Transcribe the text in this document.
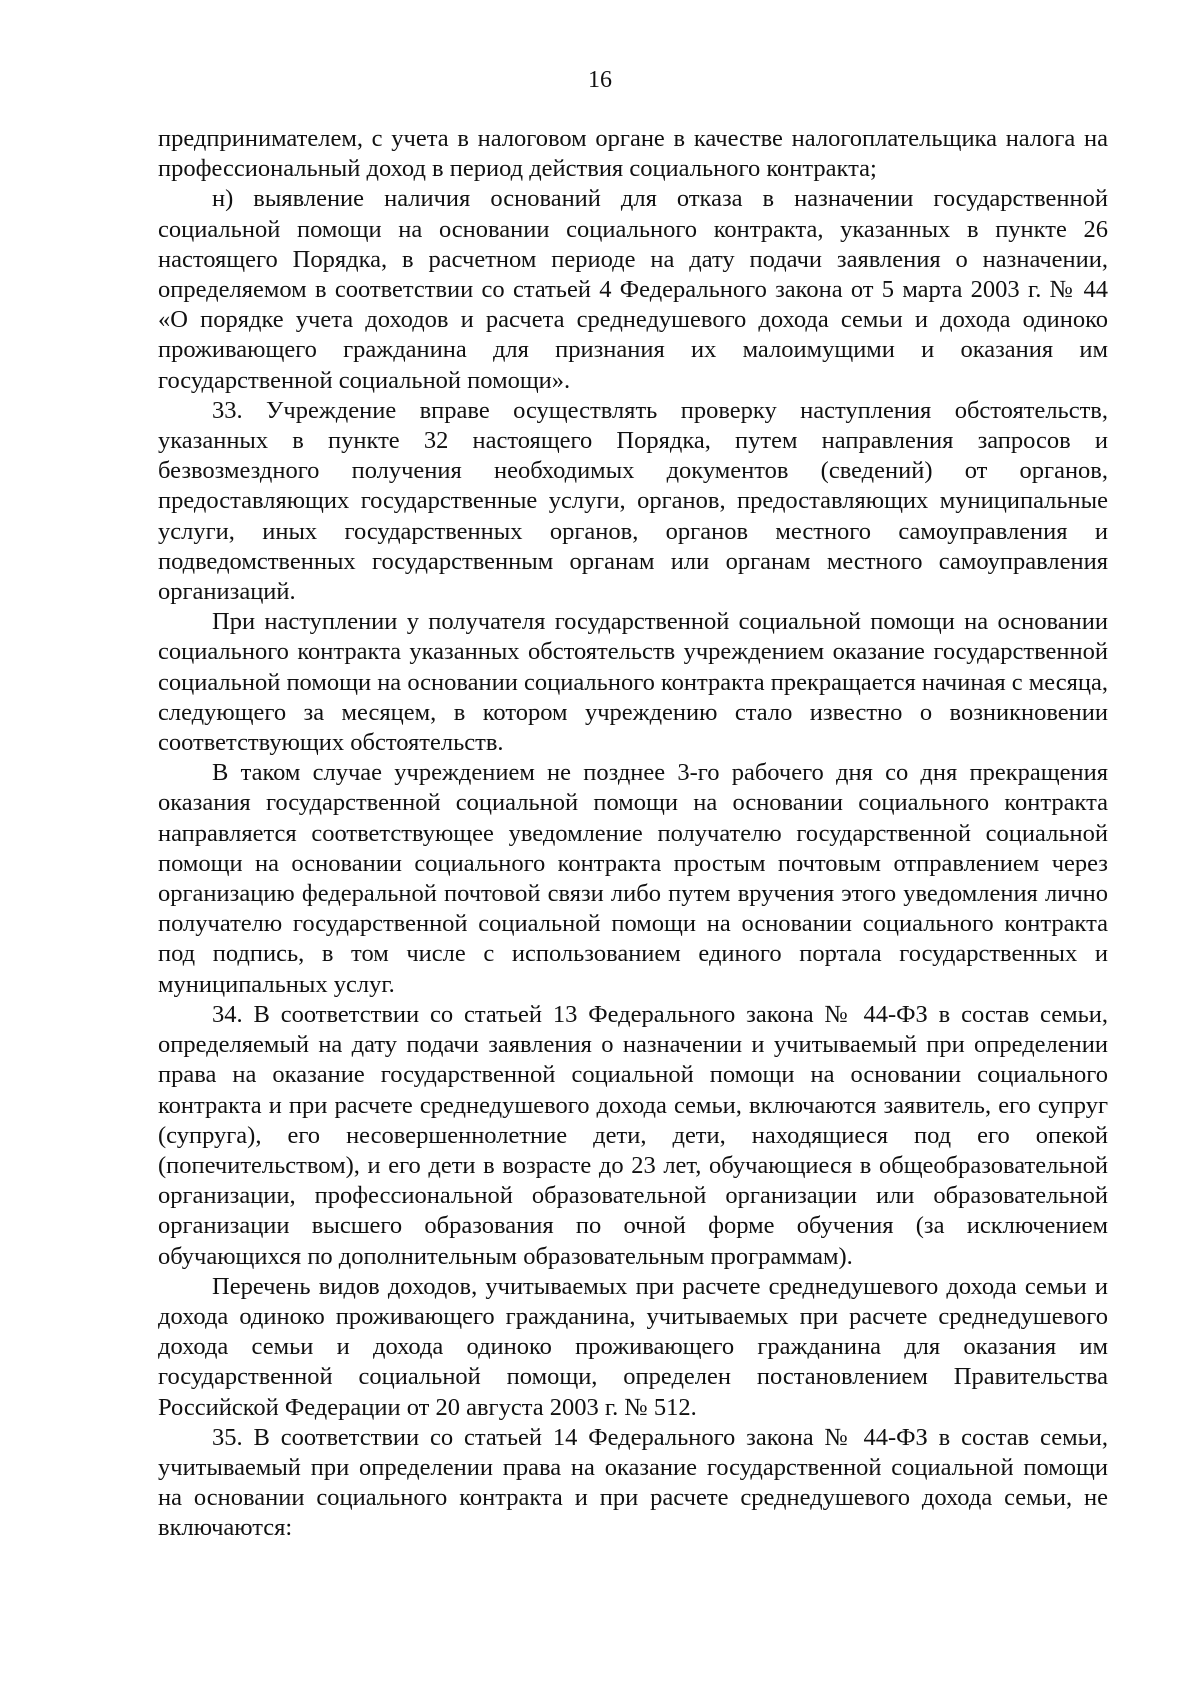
16

предпринимателем, с учета в налоговом органе в качестве налогоплательщика налога на профессиональный доход в период действия социального контракта;

н) выявление наличия оснований для отказа в назначении государственной социальной помощи на основании социального контракта, указанных в пункте 26 настоящего Порядка, в расчетном периоде на дату подачи заявления о назначении, определяемом в соответствии со статьей 4 Федерального закона от 5 марта 2003 г. № 44 «О порядке учета доходов и расчета среднедушевого дохода семьи и дохода одиноко проживающего гражданина для признания их малоимущими и оказания им государственной социальной помощи».

33. Учреждение вправе осуществлять проверку наступления обстоятельств, указанных в пункте 32 настоящего Порядка, путем направления запросов и безвозмездного получения необходимых документов (сведений) от органов, предоставляющих государственные услуги, органов, предоставляющих муниципальные услуги, иных государственных органов, органов местного самоуправления и подведомственных государственным органам или органам местного самоуправления организаций.

При наступлении у получателя государственной социальной помощи на основании социального контракта указанных обстоятельств учреждением оказание государственной социальной помощи на основании социального контракта прекращается начиная с месяца, следующего за месяцем, в котором учреждению стало известно о возникновении соответствующих обстоятельств.

В таком случае учреждением не позднее 3-го рабочего дня со дня прекращения оказания государственной социальной помощи на основании социального контракта направляется соответствующее уведомление получателю государственной социальной помощи на основании социального контракта простым почтовым отправлением через организацию федеральной почтовой связи либо путем вручения этого уведомления лично получателю государственной социальной помощи на основании социального контракта под подпись, в том числе с использованием единого портала государственных и муниципальных услуг.

34. В соответствии со статьей 13 Федерального закона № 44-ФЗ в состав семьи, определяемый на дату подачи заявления о назначении и учитываемый при определении права на оказание государственной социальной помощи на основании социального контракта и при расчете среднедушевого дохода семьи, включаются заявитель, его супруг (супруга), его несовершеннолетние дети, дети, находящиеся под его опекой (попечительством), и его дети в возрасте до 23 лет, обучающиеся в общеобразовательной организации, профессиональной образовательной организации или образовательной организации высшего образования по очной форме обучения (за исключением обучающихся по дополнительным образовательным программам).

Перечень видов доходов, учитываемых при расчете среднедушевого дохода семьи и дохода одиноко проживающего гражданина, учитываемых при расчете среднедушевого дохода семьи и дохода одиноко проживающего гражданина для оказания им государственной социальной помощи, определен постановлением Правительства Российской Федерации от 20 августа 2003 г. № 512.

35. В соответствии со статьей 14 Федерального закона № 44-ФЗ в состав семьи, учитываемый при определении права на оказание государственной социальной помощи на основании социального контракта и при расчете среднедушевого дохода семьи, не включаются:
